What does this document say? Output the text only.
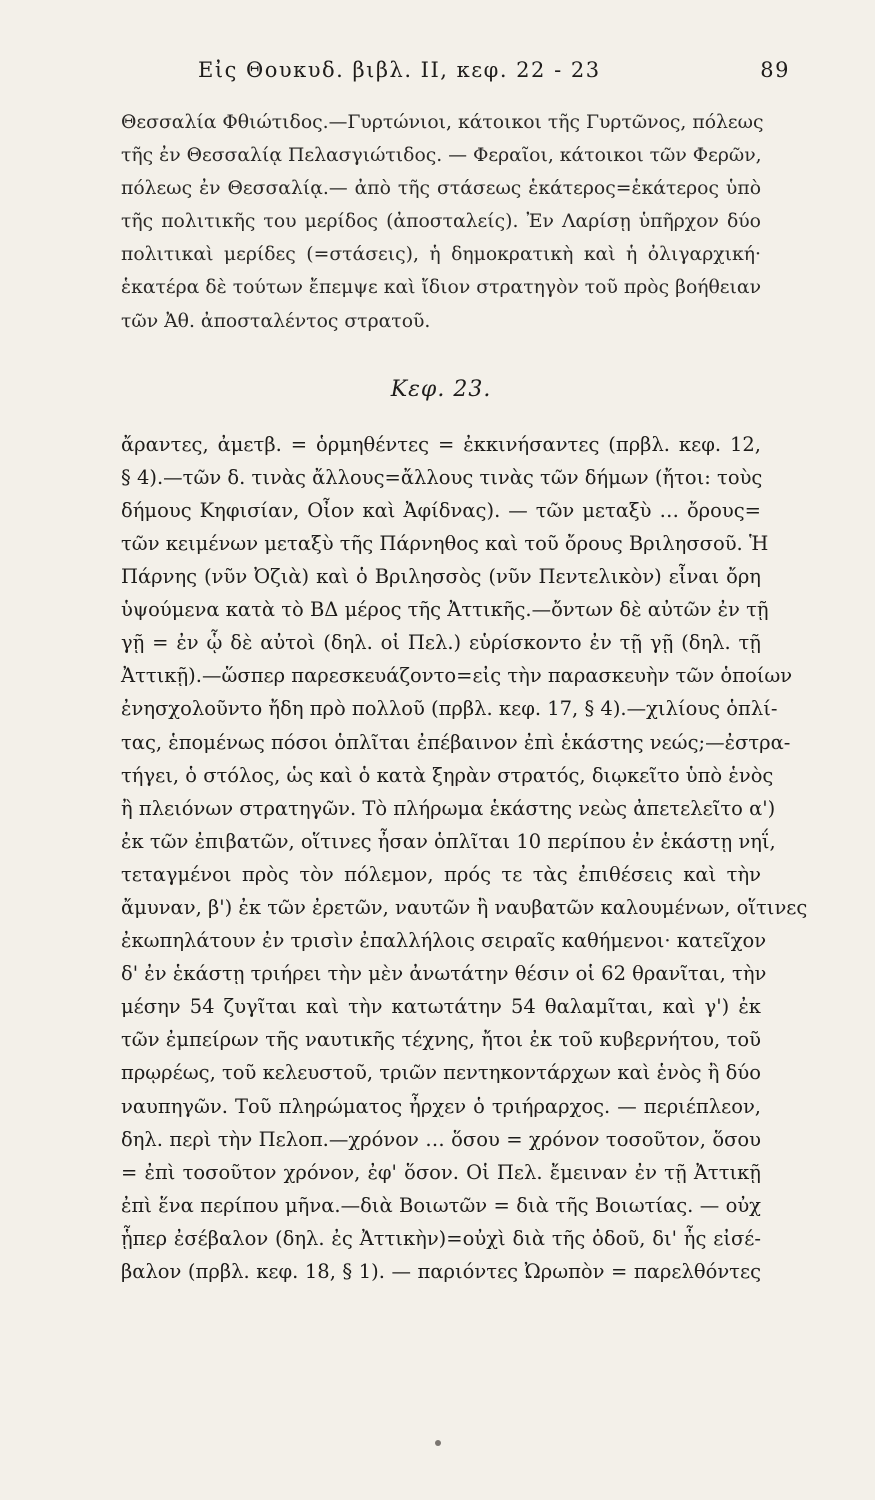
Εἰς Θουκυδ. βιβλ. II, κεφ. 22 - 23	89
Θεσσαλία Φθιώτιδος.—Γυρτώνιοι, κάτοικοι τῆς Γυρτῶνος, πόλεως
τῆς ἐν Θεσσαλίᾳ Πελασγιώτιδος. — Φεραῖοι, κάτοικοι τῶν Φερῶν,
πόλεως ἐν Θεσσαλίᾳ.— ἀπὸ τῆς στάσεως ἑκάτερος=ἑκάτερος ὑπὸ
τῆς πολιτικῆς του μερίδος (ἀποσταλείς). Ἐν Λαρίσῃ ὑπῆρχον δύο
πολιτικαὶ μερίδες (=στάσεις), ἡ δημοκρατικὴ καὶ ἡ ὀλιγαρχική·
ἑκατέρα δὲ τούτων ἔπεμψε καὶ ἴδιον στρατηγὸν τοῦ πρὸς βοήθειαν
τῶν Ἀθ. ἀποσταλέντος στρατοῦ.
Κεφ. 23.
ἄραντες, ἀμετβ. = ὁρμηθέντες = ἐκκινήσαντες (πρβλ. κεφ. 12,
§ 4).—τῶν δ. τινὰς ἄλλους=ἄλλους τινὰς τῶν δήμων (ἤτοι: τοὺς
δήμους Κηφισίαν, Οἶον καὶ Ἀφίδνας). — τῶν μεταξὺ … ὄρους=
τῶν κειμένων μεταξὺ τῆς Πάρνηθος καὶ τοῦ ὄρους Βριλησσοῦ. Ἡ
Πάρνης (νῦν Ὀζιὰ) καὶ ὁ Βριλησσὸς (νῦν Πεντελικὸν) εἶναι ὄρη
ὑψούμενα κατὰ τὸ ΒΔ μέρος τῆς Ἀττικῆς.—ὄντων δὲ αὐτῶν ἐν τῇ
γῇ = ἐν ᾧ δὲ αὐτοὶ (δηλ. οἱ Πελ.) εὑρίσκοντο ἐν τῇ γῇ (δηλ. τῇ
Ἀττικῇ).—ὥσπερ παρεσκευάζοντο=εἰς τὴν παρασκευὴν τῶν ὁποίων
ἐνησχολοῦντο ἤδη πρὸ πολλοῦ (πρβλ. κεφ. 17, § 4).—χιλίους ὁπλί-
τας, ἑπομένως πόσοι ὁπλῖται ἐπέβαινον ἐπὶ ἑκάστης νεώς;—ἐστρα-
τήγει, ὁ στόλος, ὡς καὶ ὁ κατὰ ξηρὰν στρατός, διῳκεῖτο ὑπὸ ἑνὸς
ἢ πλειόνων στρατηγῶν. Τὸ πλήρωμα ἑκάστης νεὼς ἀπετελεῖτο α')
ἐκ τῶν ἐπιβατῶν, οἵτινες ἦσαν ὁπλῖται 10 περίπου ἐν ἑκάστῃ νηΐ,
τεταγμένοι πρὸς τὸν πόλεμον, πρός τε τὰς ἐπιθέσεις καὶ τὴν
ἄμυναν, β') ἐκ τῶν ἐρετῶν, ναυτῶν ἢ ναυβατῶν καλουμένων, οἵτινες
ἐκωπηλάτουν ἐν τρισὶν ἐπαλλήλοις σειραῖς καθήμενοι· κατεῖχον
δ' ἐν ἑκάστῃ τριήρει τὴν μὲν ἀνωτάτην θέσιν οἱ 62 θρανῖται, τὴν
μέσην 54 ζυγῖται καὶ τὴν κατωτάτην 54 θαλαμῖται, καὶ γ') ἐκ
τῶν ἐμπείρων τῆς ναυτικῆς τέχνης, ἤτοι ἐκ τοῦ κυβερνήτου, τοῦ
πρῳρέως, τοῦ κελευστοῦ, τριῶν πεντηκοντάρχων καὶ ἑνὸς ἢ δύο
ναυπηγῶν. Τοῦ πληρώματος ἦρχεν ὁ τριήραρχος. — περιέπλεον,
δηλ. περὶ τὴν Πελοπ.—χρόνον … ὅσου = χρόνον τοσοῦτον, ὅσου
= ἐπὶ τοσοῦτον χρόνον, ἐφ' ὅσον. Οἱ Πελ. ἔμειναν ἐν τῇ Ἀττικῇ
ἐπὶ ἕνα περίπου μῆνα.—διὰ Βοιωτῶν = διὰ τῆς Βοιωτίας. — οὐχ
ᾗπερ ἐσέβαλον (δηλ. ἐς Ἀττικὴν)=οὐχὶ διὰ τῆς ὁδοῦ, δι' ἧς εἰσέ-
βαλον (πρβλ. κεφ. 18, § 1). — παριόντες Ὠρωπὸν = παρελθόντες
